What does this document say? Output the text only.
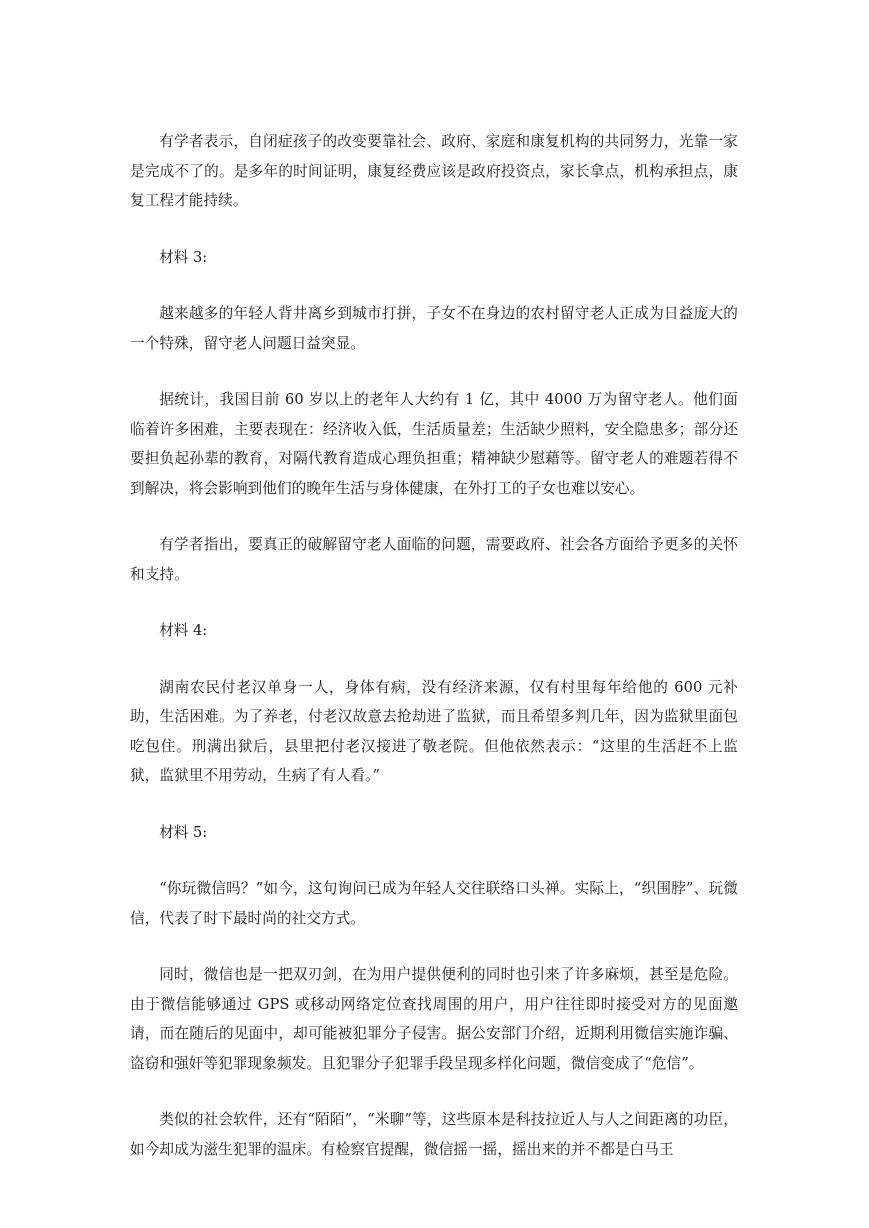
有学者表示，自闭症孩子的改变要靠社会、政府、家庭和康复机构的共同努力，光靠一家是完成不了的。是多年的时间证明，康复经费应该是政府投资点，家长拿点，机构承担点，康复工程才能持续。

材料 3:

越来越多的年轻人背井离乡到城市打拼，子女不在身边的农村留守老人正成为日益庞大的一个特殊，留守老人问题日益突显。

据统计，我国目前 60 岁以上的老年人大约有 1 亿，其中 4000 万为留守老人。他们面临着许多困难，主要表现在：经济收入低，生活质量差；生活缺少照料，安全隐患多；部分还要担负起孙辈的教育，对隔代教育造成心理负担重；精神缺少慰藉等。留守老人的难题若得不到解决，将会影响到他们的晚年生活与身体健康，在外打工的子女也难以安心。

有学者指出，要真正的破解留守老人面临的问题，需要政府、社会各方面给予更多的关怀和支持。

材料 4:

湖南农民付老汉单身一人，身体有病，没有经济来源，仅有村里每年给他的 600 元补助，生活困难。为了养老，付老汉故意去抢劫进了监狱，而且希望多判几年，因为监狱里面包吃包住。刑满出狱后，县里把付老汉接进了敬老院。但他依然表示：“这里的生活赶不上监狱，监狱里不用劳动，生病了有人看。”

材料 5:

“你玩微信吗？”如今，这句询问已成为年轻人交往联络口头禅。实际上，“织围脖”、玩微信，代表了时下最时尚的社交方式。

同时，微信也是一把双刃剑，在为用户提供便利的同时也引来了许多麻烦，甚至是危险。由于微信能够通过 GPS 或移动网络定位查找周围的用户，用户往往即时接受对方的见面邀请，而在随后的见面中，却可能被犯罪分子侵害。据公安部门介绍，近期利用微信实施诈骗、盗窃和强奸等犯罪现象频发。且犯罪分子犯罪手段呈现多样化问题，微信变成了“危信”。

类似的社会软件，还有“陌陌”，“米聊”等，这些原本是科技拉近人与人之间距离的功臣，如今却成为滋生犯罪的温床。有检察官提醒，微信摇一摇，摇出来的并不都是白马王
